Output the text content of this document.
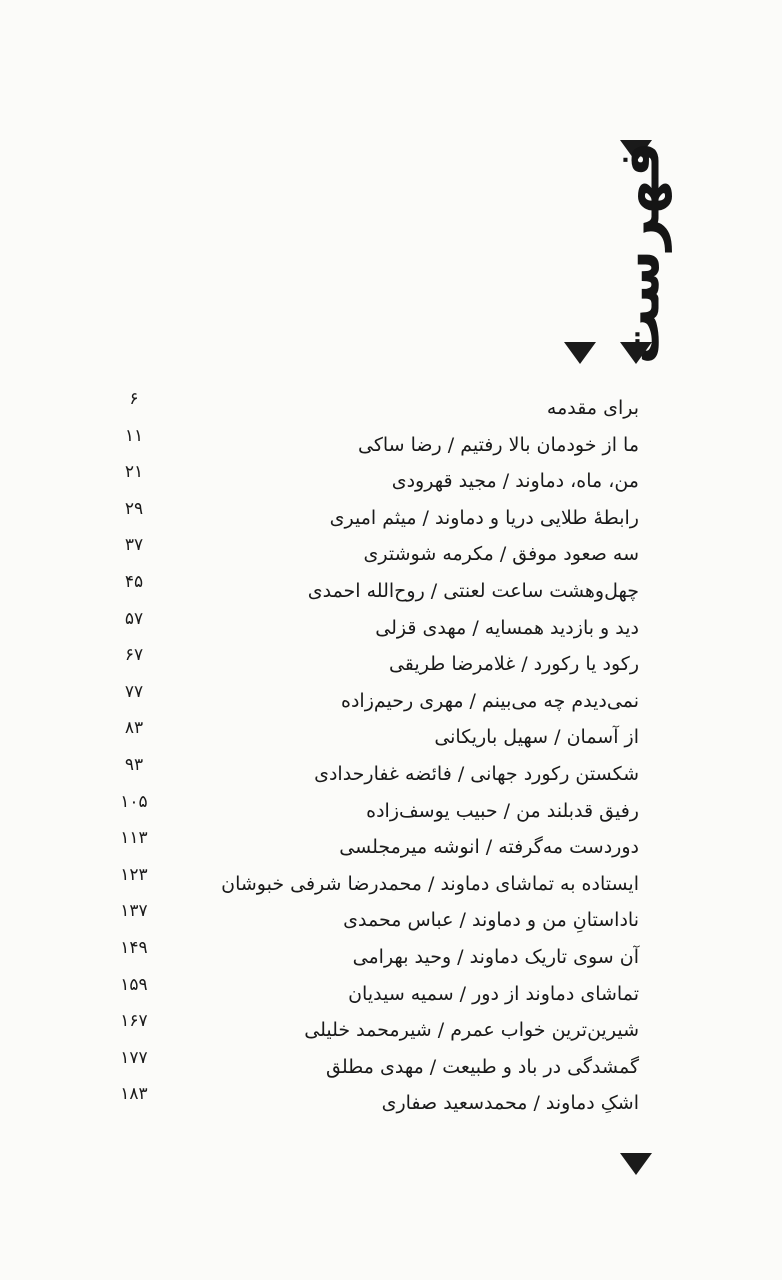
فهرست
برای مقدمه
۶
ما از خودمان بالا رفتیم / رضا ساکی
۱۱
من، ماه، دماوند / مجید قهرودی
۲۱
رابطهٔ طلایی دریا و دماوند / میثم امیری
۲۹
سه صعود موفق / مکرمه شوشتری
۳۷
چهل‌وهشت ساعت لعنتی / روح‌الله احمدی
۴۵
دید و بازدید همسایه / مهدی قزلی
۵۷
رکود یا رکورد / غلامرضا طریقی
۶۷
نمی‌دیدم چه می‌بینم / مهری رحیم‌زاده
۷۷
از آسمان / سهیل باریکانی
۸۳
شکستن رکورد جهانی / فائضه غفارحدادی
۹۳
رفیق قدبلند من / حبیب یوسف‌زاده
۱۰۵
دوردست مه‌گرفته / انوشه میرمجلسی
۱۱۳
ایستاده به تماشای دماوند / محمدرضا شرفی خبوشان
۱۲۳
ناداستانِ من و دماوند / عباس محمدی
۱۳۷
آن سوی تاریک دماوند / وحید بهرامی
۱۴۹
تماشای دماوند از دور / سمیه سیدیان
۱۵۹
شیرین‌ترین خواب عمرم / شیرمحمد خلیلی
۱۶۷
گمشدگی در باد و طبیعت / مهدی مطلق
۱۷۷
اشکِ دماوند / محمدسعید صفاری
۱۸۳
